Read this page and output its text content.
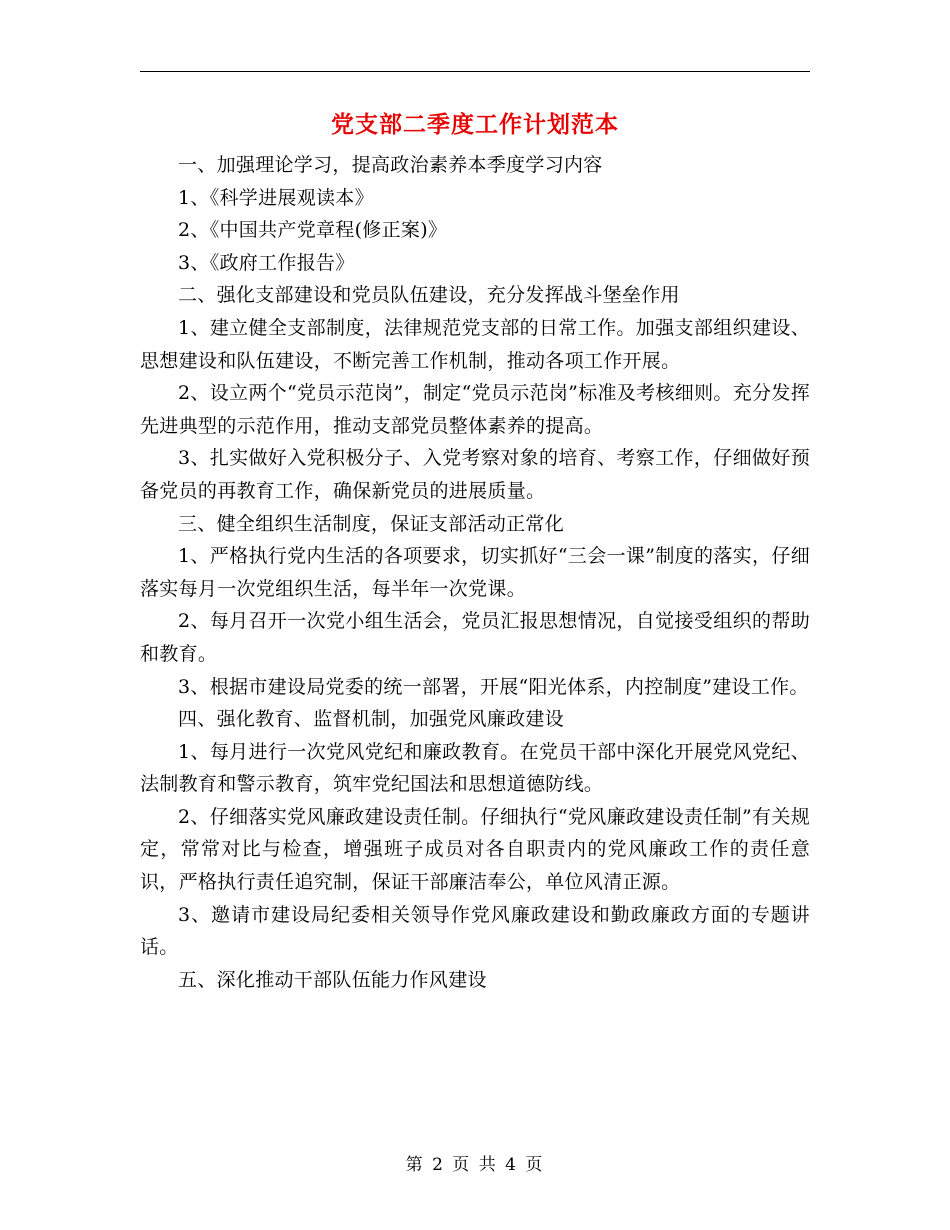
党支部二季度工作计划范本

一、加强理论学习，提高政治素养本季度学习内容

1、《科学进展观读本》

2、《中国共产党章程(修正案)》

3、《政府工作报告》

二、强化支部建设和党员队伍建设，充分发挥战斗堡垒作用

1、建立健全支部制度，法律规范党支部的日常工作。加强支部组织建设、思想建设和队伍建设，不断完善工作机制，推动各项工作开展。

2、设立两个“党员示范岗”，制定“党员示范岗”标准及考核细则。充分发挥先进典型的示范作用，推动支部党员整体素养的提高。

3、扎实做好入党积极分子、入党考察对象的培育、考察工作，仔细做好预备党员的再教育工作，确保新党员的进展质量。

三、健全组织生活制度，保证支部活动正常化

1、严格执行党内生活的各项要求，切实抓好“三会一课”制度的落实，仔细落实每月一次党组织生活，每半年一次党课。

2、每月召开一次党小组生活会，党员汇报思想情况，自觉接受组织的帮助和教育。

3、根据市建设局党委的统一部署，开展“阳光体系，内控制度”建设工作。

四、强化教育、监督机制，加强党风廉政建设

1、每月进行一次党风党纪和廉政教育。在党员干部中深化开展党风党纪、法制教育和警示教育，筑牢党纪国法和思想道德防线。

2、仔细落实党风廉政建设责任制。仔细执行“党风廉政建设责任制”有关规定，常常对比与检查，增强班子成员对各自职责内的党风廉政工作的责任意识，严格执行责任追究制，保证干部廉洁奉公，单位风清正源。

3、邀请市建设局纪委相关领导作党风廉政建设和勤政廉政方面的专题讲话。

五、深化推动干部队伍能力作风建设

第 2 页 共 4 页
